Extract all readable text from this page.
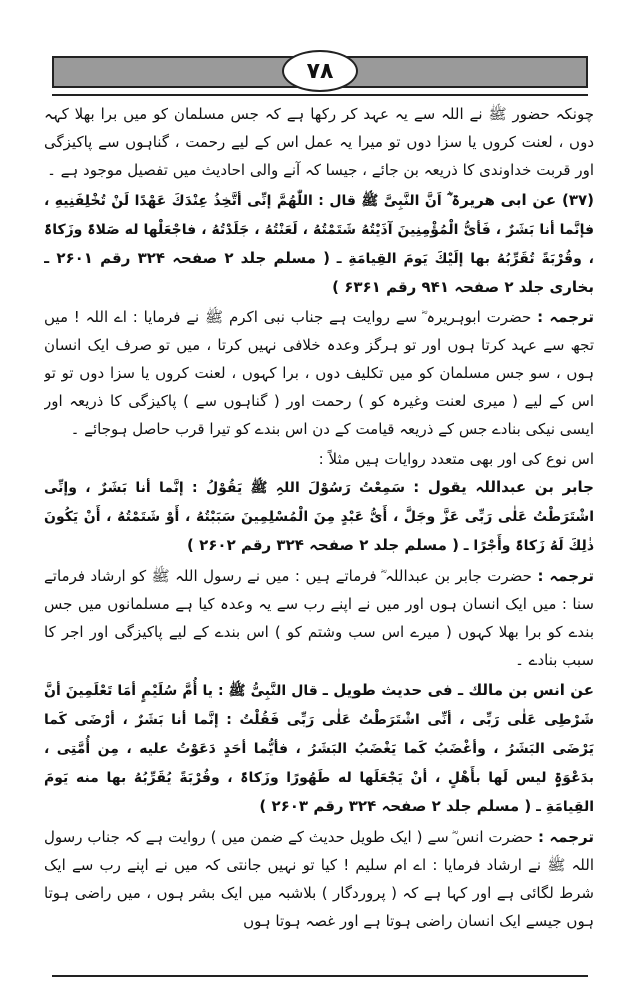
٧٨

چونکہ حضور ﷺ نے اللہ سے یہ عہد کر رکھا ہے کہ جس مسلمان کو میں برا بھلا کہہ دوں ، لعنت کروں یا سزا دوں تو میرا یہ عمل اس کے لیے رحمت ، گناہوں سے پاکیزگی اور قربت خداوندی کا ذریعہ بن جائے ، جیسا کہ آنے والی احادیث میں تفصیل موجود ہے ۔

(۳۷) عن ابی ھریرۃ ؓ اَنَّ النَّبِیَّ ﷺ قال : اللّٰھُمَّ إنِّی أتَّخِذُ عِنْدَكَ عَھْدًا لَنْ تُخْلِفَنِیهِ ، فإنَّما أنا بَشَرٌ ، فَأیُّ الْمُؤْمِنِینَ آذَیْتُهُ شَتَمْتُهُ ، لَعَنْتُهُ ، جَلَدْتُهُ ، فاجْعَلْھا له صَلاۃً وزَکاۃً ، وقُرْبَةً تُقَرِّبُهُ بھا إلَیْكَ یَومَ القِیامَةِ ـ ( مسلم جلد ۲ صفحہ ۳۲۴ رقم ۲۶۰۱ ـ بخاری جلد ۲ صفحہ ۹۴۱ رقم ۶۳۶۱ )

ترجمہ : حضرت ابوہریرہ ؓ سے روایت ہے جناب نبی اکرم ﷺ نے فرمایا : اے اللہ ! میں تجھ سے عہد کرتا ہوں اور تو ہرگز وعدہ خلافی نہیں کرتا ، میں تو صرف ایک انسان ہوں ، سو جس مسلمان کو میں تکلیف دوں ، برا کہوں ، لعنت کروں یا سزا دوں تو تو اس کے لیے ( میری لعنت وغیرہ کو ) رحمت اور ( گناہوں سے ) پاکیزگی کا ذریعہ اور ایسی نیکی بنادے جس کے ذریعہ قیامت کے دن اس بندے کو تیرا قرب حاصل ہوجائے ۔

اس نوع کی اور بھی متعدد روایات ہیں مثلاً :

جابر بن عبداللہ یقول : سَمِعْتُ رَسُوْلَ اللہِ ﷺ یَقُوْلُ : إنَّما أنا بَشَرٌ ، وإنِّی اشْتَرَطْتُ عَلٰی رَبِّی عَزَّ وجَلَّ ، أَیُّ عَبْدٍ مِنَ الْمُسْلِمِینَ سَبَبْتُهُ ، أَوْ شَتَمْتُهُ ، أَنْ یَکُونَ ذٰلِكَ لَهُ زَکاۃً وأَجْرًا ـ ( مسلم جلد ۲ صفحہ ۳۲۴ رقم ۲۶۰۲ )

ترجمہ : حضرت جابر بن عبداللہ ؓ فرماتے ہیں : میں نے رسول اللہ ﷺ کو ارشاد فرماتے سنا : میں ایک انسان ہوں اور میں نے اپنے رب سے یہ وعدہ کیا ہے مسلمانوں میں جس بندے کو برا بھلا کہوں ( میرے اس سب وشتم کو ) اس بندے کے لیے پاکیزگی اور اجر کا سبب بنادے ۔

عن انس بن مالك ـ فی حدیث طویل ـ قال النَّبِیُّ ﷺ : یا أُمَّ سُلَیْمٍ أمَا تَعْلَمِینَ أنَّ شَرْطِی عَلٰی رَبِّی ، أنِّی اشْتَرَطْتُ عَلٰی رَبِّی فَقُلْتُ : إنَّما أنا بَشَرٌ ، أرْضَی کَما یَرْضَی البَشَرُ ، وأغْضَبُ کَما یَغْضَبُ البَشَرُ ، فأیُّما أحَدٍ دَعَوْتُ علیه ، مِن أُمَّتِی ، بدَعْوَۃٍ لیس لَھا بأَھْلٍ ، أنْ یَجْعَلَھا له طَھُورًا وزَکاۃً ، وقُرْبَةً یُقَرِّبُهُ بھا منه یَومَ القِیامَةِ ـ ( مسلم جلد ۲ صفحہ ۳۲۴ رقم ۲۶۰۳ )

ترجمہ : حضرت انس ؓ سے ( ایک طویل حدیث کے ضمن میں ) روایت ہے کہ جناب رسول اللہ ﷺ نے ارشاد فرمایا : اے ام سلیم ! کیا تو نہیں جانتی کہ میں نے اپنے رب سے ایک شرط لگائی ہے اور کہا ہے کہ ( پروردگار ) بلاشبہ میں ایک بشر ہوں ، میں راضی ہوتا ہوں جیسے ایک انسان راضی ہوتا ہے اور غصہ ہوتا ہوں
